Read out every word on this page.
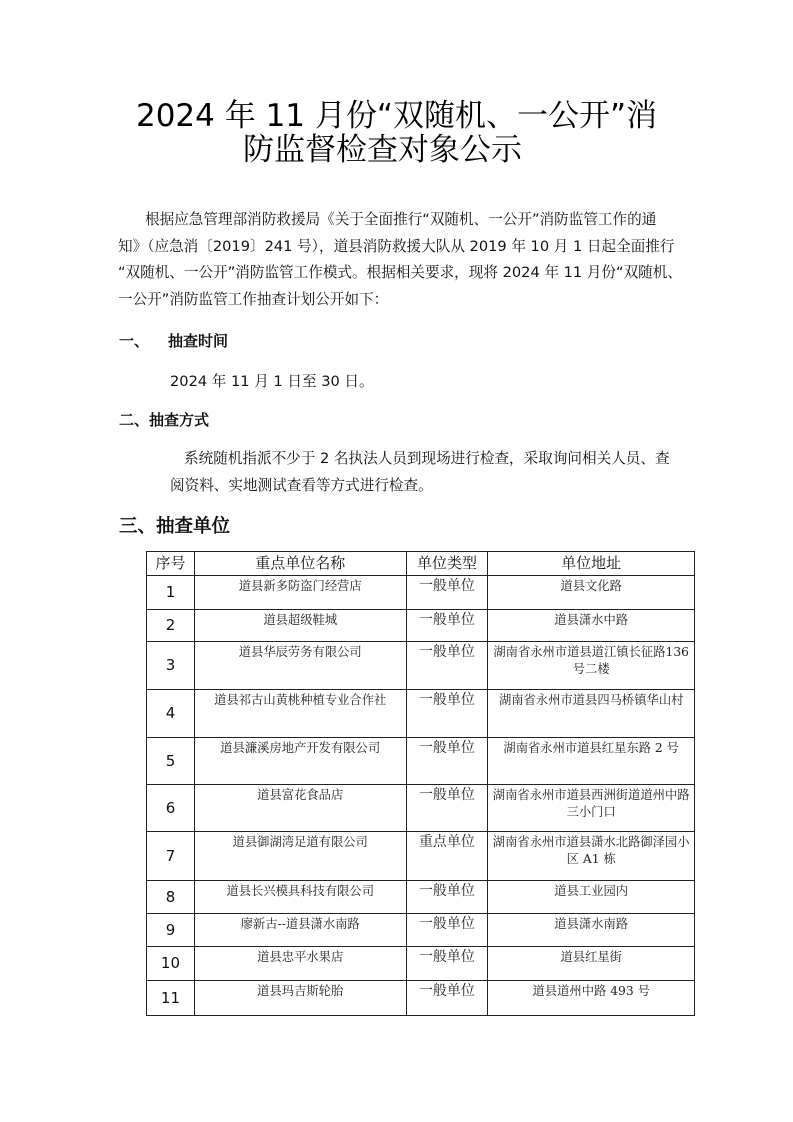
2024 年 11 月份“双随机、一公开”消
防监督检查对象公示
根据应急管理部消防救援局《关于全面推行“双随机、一公开”消防监管工作的通
知》（应急消〔2019〕241 号），道县消防救援大队从 2019 年 10 月 1 日起全面推行
“双随机、一公开”消防监管工作模式。根据相关要求，现将 2024 年 11 月份“双随机、
一公开”消防监管工作抽查计划公开如下：
一、 抽查时间
2024 年 11 月 1 日至 30 日。
二、抽查方式
系统随机指派不少于 2 名执法人员到现场进行检查，采取询问相关人员、查
阅资料、实地测试查看等方式进行检查。
三、抽查单位
序号	重点单位名称	单位类型	单位地址
1	道县新多防盗门经营店	一般单位	道县文化路
2	道县超级鞋城	一般单位	道县潇水中路
3	道县华辰劳务有限公司	一般单位	湖南省永州市道县道江镇长征路136 号二楼
4	道县祁古山黄桃种植专业合作社	一般单位	湖南省永州市道县四马桥镇华山村
5	道县濂溪房地产开发有限公司	一般单位	湖南省永州市道县红星东路 2 号
6	道县富花食品店	一般单位	湖南省永州市道县西洲街道道州中路三小门口
7	道县御湖湾足道有限公司	重点单位	湖南省永州市道县潇水北路御泽园小区 A1 栋
8	道县长兴模具科技有限公司	一般单位	道县工业园内
9	廖新古--道县潇水南路	一般单位	道县潇水南路
10	道县忠平水果店	一般单位	道县红星街
11	道县玛吉斯轮胎	一般单位	道县道州中路 493 号
